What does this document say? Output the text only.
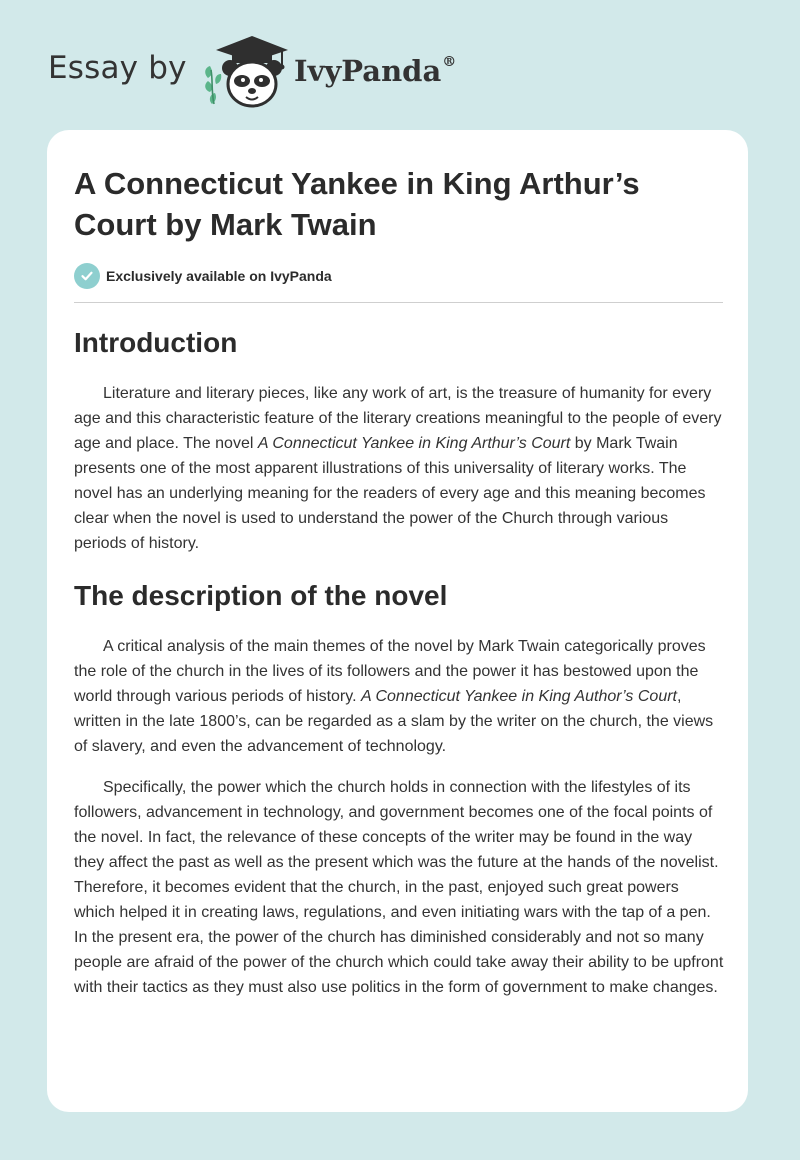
Essay by	IvyPanda®
A Connecticut Yankee in King Arthur’s Court by Mark Twain
Exclusively available on IvyPanda
Introduction

Literature and literary pieces, like any work of art, is the treasure of humanity for every age and this characteristic feature of the literary creations meaningful to the people of every age and place. The novel A Connecticut Yankee in King Arthur’s Court by Mark Twain presents one of the most apparent illustrations of this universality of literary works. The novel has an underlying meaning for the readers of every age and this meaning becomes clear when the novel is used to understand the power of the Church through various periods of history.

The description of the novel

A critical analysis of the main themes of the novel by Mark Twain categorically proves the role of the church in the lives of its followers and the power it has bestowed upon the world through various periods of history. A Connecticut Yankee in King Author’s Court, written in the late 1800’s, can be regarded as a slam by the writer on the church, the views of slavery, and even the advancement of technology.

Specifically, the power which the church holds in connection with the lifestyles of its followers, advancement in technology, and government becomes one of the focal points of the novel. In fact, the relevance of these concepts of the writer may be found in the way they affect the past as well as the present which was the future at the hands of the novelist. Therefore, it becomes evident that the church, in the past, enjoyed such great powers which helped it in creating laws, regulations, and even initiating wars with the tap of a pen. In the present era, the power of the church has diminished considerably and not so many people are afraid of the power of the church which could take away their ability to be upfront with their tactics as they must also use politics in the form of government to make changes.
